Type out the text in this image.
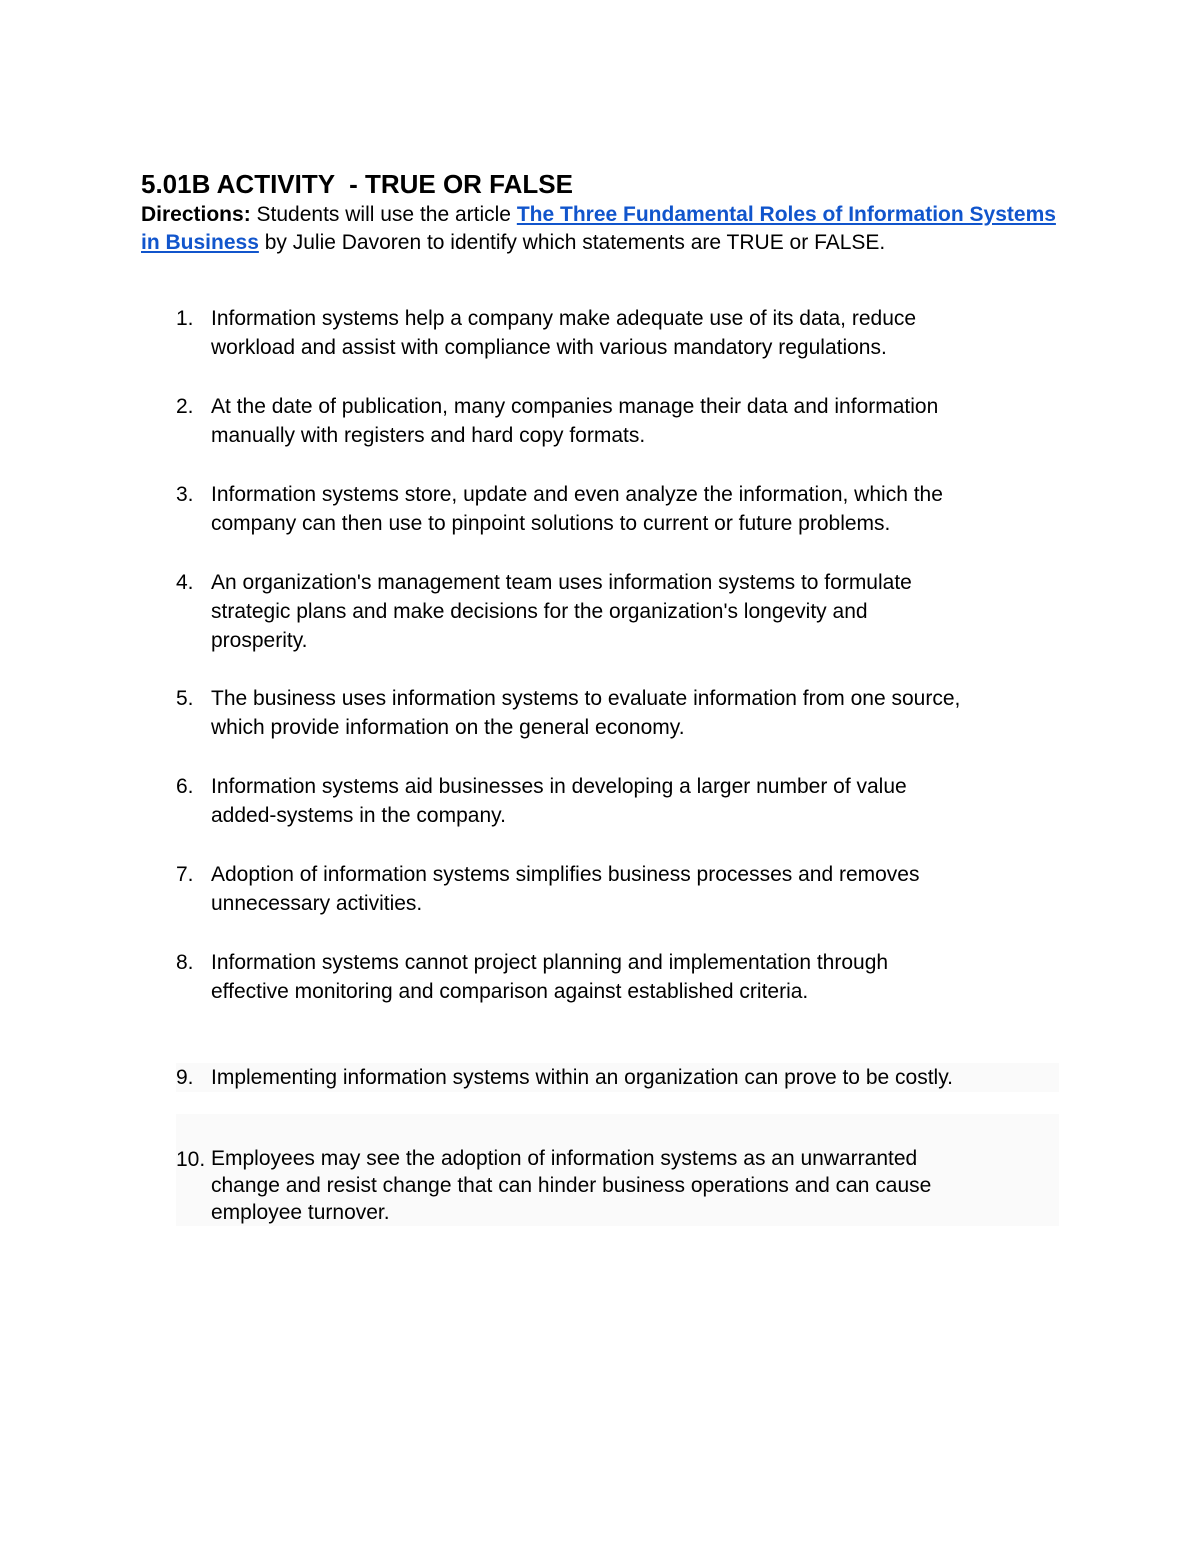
5.01B ACTIVITY  - TRUE OR FALSE
Directions: Students will use the article The Three Fundamental Roles of Information Systems in Business by Julie Davoren to identify which statements are TRUE or FALSE.
1. Information systems help a company make adequate use of its data, reduce
workload and assist with compliance with various mandatory regulations.
2. At the date of publication, many companies manage their data and information
manually with registers and hard copy formats.
3. Information systems store, update and even analyze the information, which the
company can then use to pinpoint solutions to current or future problems.
4. An organization's management team uses information systems to formulate
strategic plans and make decisions for the organization's longevity and
prosperity.
5. The business uses information systems to evaluate information from one source,
which provide information on the general economy.
6. Information systems aid businesses in developing a larger number of value
added-systems in the company.
7. Adoption of information systems simplifies business processes and removes
unnecessary activities.
8. Information systems cannot project planning and implementation through
effective monitoring and comparison against established criteria.
9. Implementing information systems within an organization can prove to be costly.
10. Employees may see the adoption of information systems as an unwarranted
change and resist change that can hinder business operations and can cause
employee turnover.
